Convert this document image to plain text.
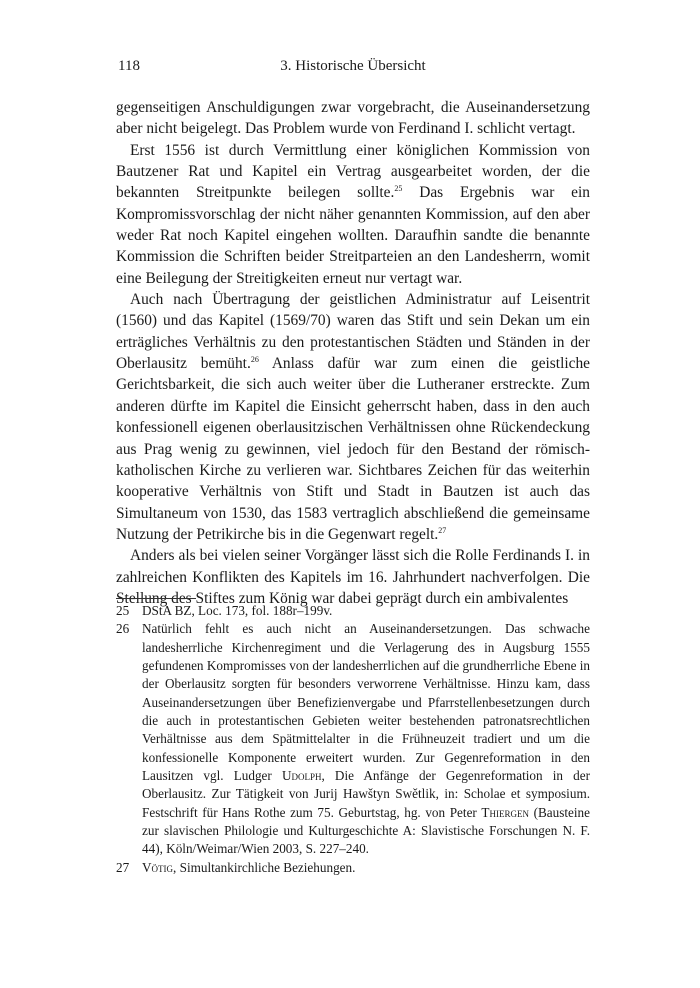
118	3. Historische Übersicht

gegenseitigen Anschuldigungen zwar vorgebracht, die Auseinandersetzung aber nicht beigelegt. Das Problem wurde von Ferdinand I. schlicht vertagt.

Erst 1556 ist durch Vermittlung einer königlichen Kommission von Bautzener Rat und Kapitel ein Vertrag ausgearbeitet worden, der die bekannten Streitpunkte beilegen sollte.$^{25}$ Das Ergebnis war ein Kompromissvorschlag der nicht näher genannten Kommission, auf den aber weder Rat noch Kapitel eingehen wollten. Daraufhin sandte die benannte Kommission die Schriften beider Streitparteien an den Landesherrn, womit eine Beilegung der Streitigkeiten erneut nur vertagt war.

Auch nach Übertragung der geistlichen Administratur auf Leisentrit (1560) und das Kapitel (1569/70) waren das Stift und sein Dekan um ein erträgliches Verhältnis zu den protestantischen Städten und Ständen in der Oberlausitz bemüht.$^{26}$ Anlass dafür war zum einen die geistliche Gerichtsbarkeit, die sich auch weiter über die Lutheraner erstreckte. Zum anderen dürfte im Kapitel die Einsicht geherrscht haben, dass in den auch konfessionell eigenen oberlausitzischen Verhältnissen ohne Rückendeckung aus Prag wenig zu gewinnen, viel jedoch für den Bestand der römisch-katholischen Kirche zu verlieren war. Sichtbares Zeichen für das weiterhin kooperative Verhältnis von Stift und Stadt in Bautzen ist auch das Simultaneum von 1530, das 1583 vertraglich abschließend die gemeinsame Nutzung der Petrikirche bis in die Gegenwart regelt.$^{27}$

Anders als bei vielen seiner Vorgänger lässt sich die Rolle Ferdinands I. in zahlreichen Konflikten des Kapitels im 16. Jahrhundert nachverfolgen. Die Stellung des Stiftes zum König war dabei geprägt durch ein ambivalentes

25 DStA BZ, Loc. 173, fol. 188r–199v.
26 Natürlich fehlt es auch nicht an Auseinandersetzungen. Das schwache landesherrliche Kirchenregiment und die Verlagerung des in Augsburg 1555 gefundenen Kompromisses von der landesherrlichen auf die grundherrliche Ebene in der Oberlausitz sorgten für besonders verworrene Verhältnisse. Hinzu kam, dass Auseinandersetzungen über Benefizienvergabe und Pfarrstellenbesetzungen durch die auch in protestantischen Gebieten weiter bestehenden patronatsrechtlichen Verhältnisse aus dem Spätmittelalter in die Frühneuzeit tradiert und um die konfessionelle Komponente erweitert wurden. Zur Gegenreformation in den Lausitzen vgl. Ludger Udolph, Die Anfänge der Gegenreformation in der Oberlausitz. Zur Tätigkeit von Jurij Hawštyn Swětlik, in: Scholae et symposium. Festschrift für Hans Rothe zum 75. Geburtstag, hg. von Peter Thiergen (Bausteine zur slavischen Philologie und Kulturgeschichte A: Slavistische Forschungen N. F. 44), Köln/Weimar/Wien 2003, S. 227–240.
27 Vötig, Simultankirchliche Beziehungen.
